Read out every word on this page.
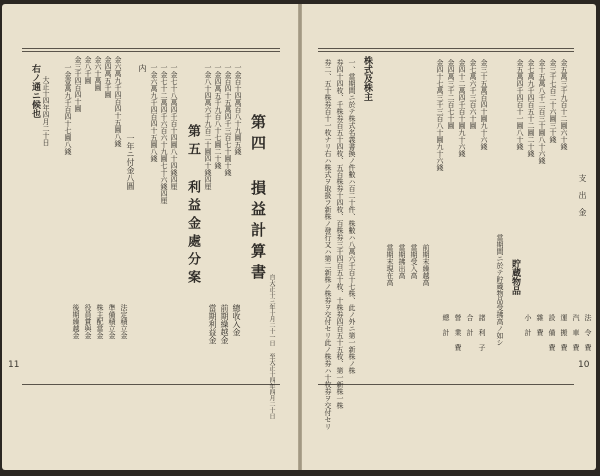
11
右ノ通ニ候也 大正十四年四月二十日 一金壹萬九千百四十七圓八錢 金三千四百四十圓 金八千圓 金六十萬圓 金四萬五千圓 金六萬九千四百四十五圓八錢
一年ニ付金八圓
内 一金六萬九千四百四十五圓八錢 一金七十二萬四千六百六十九圓七十六錢四厘 一金七十八萬四千百十四圓八十四錢四厘
後期繰越金 役員賞與金 株主配當金 準備積立金 法定積立金
第五 利益金處分案 一金八十四萬六千九百二十圓四十錢四厘 一金四萬五千九百八十七圓二十錢 一金百四十五萬四千三百七十圓十錢 一金百十四萬百八十九圓五錢
當期利益金 前期繰越金 總收入金
第四 損益計算書
自大正十三年十月二十一日 至大正十四年四月二十日	10
券二、五十株券百十一枚ナリ右ハ株式ヲ取扱フ新株ノ發行又ハ第二新株ノ株券ヲ交付セリ此ノ株券ハ十枚券ヲ交付セリ 券四十四枚、千株券百五十四枚、五百株券十四枚、百株券三千四百五十枚、十株券四百五十五枚、第一新株一株 一、當期間ニ於テ株式名義書換ノ件數ハ百二十件、株數ハ八萬六千百十七株、此ノ外ニ第一新株ノ株 株式及株主
當期末現在高 當期拂出高 當期受入高 前期末繰越高
金四十七萬三千三百八十圓九十六錢 金四萬三千二百七十圓 金四十二萬四千百十圓九十六錢 金七萬六千三百六十圓 金三十五萬百四十圓九十六錢
當期間ニ於テ貯蔵物品受拂高ノ如シ 貯蔵物品
金五萬四千四百十一圓八十錢 金七萬九千四百五十二圓二十錢 金十五萬八千二百三十圓八十六錢 金三千七百二十六圓三十錢 金五萬三千九百十二圓六十錢
小 計 雜 費 設 備 費 運 搬 費 汽 車 費 法 令 費
總 計 營 業 費 合 計 諸 利 子
支 出 金
